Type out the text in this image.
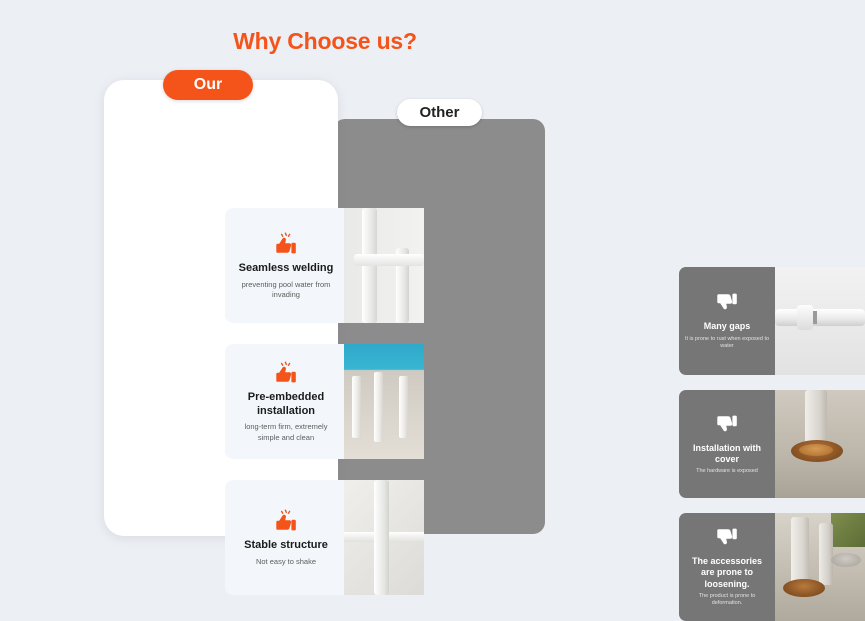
Why Choose us?
Many gaps
It is prone to rust when exposed to water
Installation with cover
The hardware is exposed
The accessories are prone to loosening.
The product is prone to deformation.
Other
Seamless welding
preventing pool water from invading
Pre-embedded installation
long-term firm, extremely simple and clean
Stable structure
Not easy to shake
Our
